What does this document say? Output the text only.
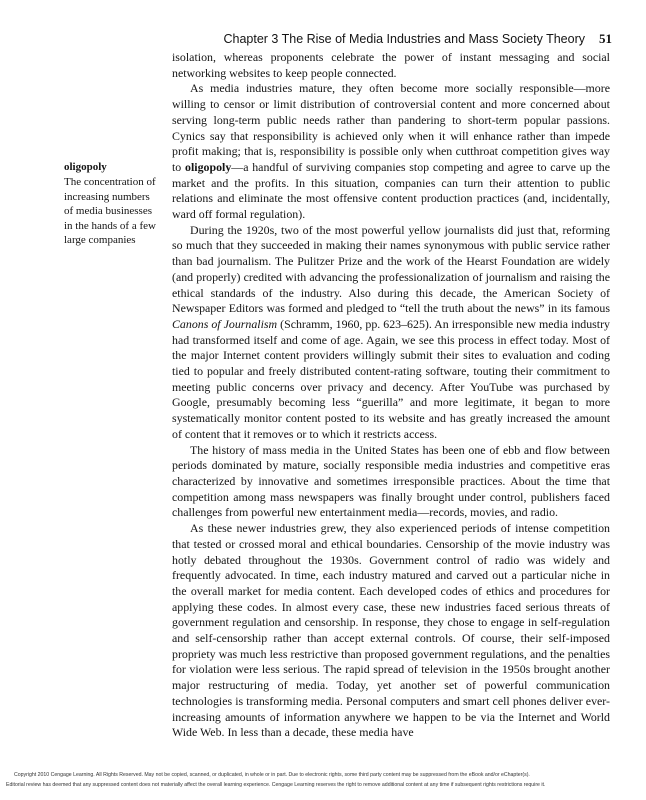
Chapter 3 The Rise of Media Industries and Mass Society Theory 51
oligopoly
The concentration of increasing numbers of media businesses in the hands of a few large companies

isolation, whereas proponents celebrate the power of instant messaging and social networking websites to keep people connected.

As media industries mature, they often become more socially responsible—more willing to censor or limit distribution of controversial content and more concerned about serving long-term public needs rather than pandering to short-term popular passions. Cynics say that responsibility is achieved only when it will enhance rather than impede profit making; that is, responsibility is possible only when cutthroat competition gives way to oligopoly—a handful of surviving companies stop competing and agree to carve up the market and the profits. In this situation, companies can turn their attention to public relations and eliminate the most offensive content production practices (and, incidentally, ward off formal regulation).

During the 1920s, two of the most powerful yellow journalists did just that, reforming so much that they succeeded in making their names synonymous with public service rather than bad journalism. The Pulitzer Prize and the work of the Hearst Foundation are widely (and properly) credited with advancing the professionalization of journalism and raising the ethical standards of the industry. Also during this decade, the American Society of Newspaper Editors was formed and pledged to “tell the truth about the news” in its famous Canons of Journalism (Schramm, 1960, pp. 623–625). An irresponsible new media industry had transformed itself and come of age. Again, we see this process in effect today. Most of the major Internet content providers willingly submit their sites to evaluation and coding tied to popular and freely distributed content-rating software, touting their commitment to meeting public concerns over privacy and decency. After YouTube was purchased by Google, presumably becoming less “guerilla” and more legitimate, it began to more systematically monitor content posted to its website and has greatly increased the amount of content that it removes or to which it restricts access.

The history of mass media in the United States has been one of ebb and flow between periods dominated by mature, socially responsible media industries and competitive eras characterized by innovative and sometimes irresponsible practices. About the time that competition among mass newspapers was finally brought under control, publishers faced challenges from powerful new entertainment media—records, movies, and radio.

As these newer industries grew, they also experienced periods of intense competition that tested or crossed moral and ethical boundaries. Censorship of the movie industry was hotly debated throughout the 1930s. Government control of radio was widely and frequently advocated. In time, each industry matured and carved out a particular niche in the overall market for media content. Each developed codes of ethics and procedures for applying these codes. In almost every case, these new industries faced serious threats of government regulation and censorship. In response, they chose to engage in self-regulation and self-censorship rather than accept external controls. Of course, their self-imposed propriety was much less restrictive than proposed government regulations, and the penalties for violation were less serious. The rapid spread of television in the 1950s brought another major restructuring of media. Today, yet another set of powerful communication technologies is transforming media. Personal computers and smart cell phones deliver ever-increasing amounts of information anywhere we happen to be via the Internet and World Wide Web. In less than a decade, these media have

Copyright 2010 Cengage Learning. All Rights Reserved. May not be copied, scanned, or duplicated, in whole or in part. Due to electronic rights, some third party content may be suppressed from the eBook and/or eChapter(s).
Editorial review has deemed that any suppressed content does not materially affect the overall learning experience. Cengage Learning reserves the right to remove additional content at any time if subsequent rights restrictions require it.
